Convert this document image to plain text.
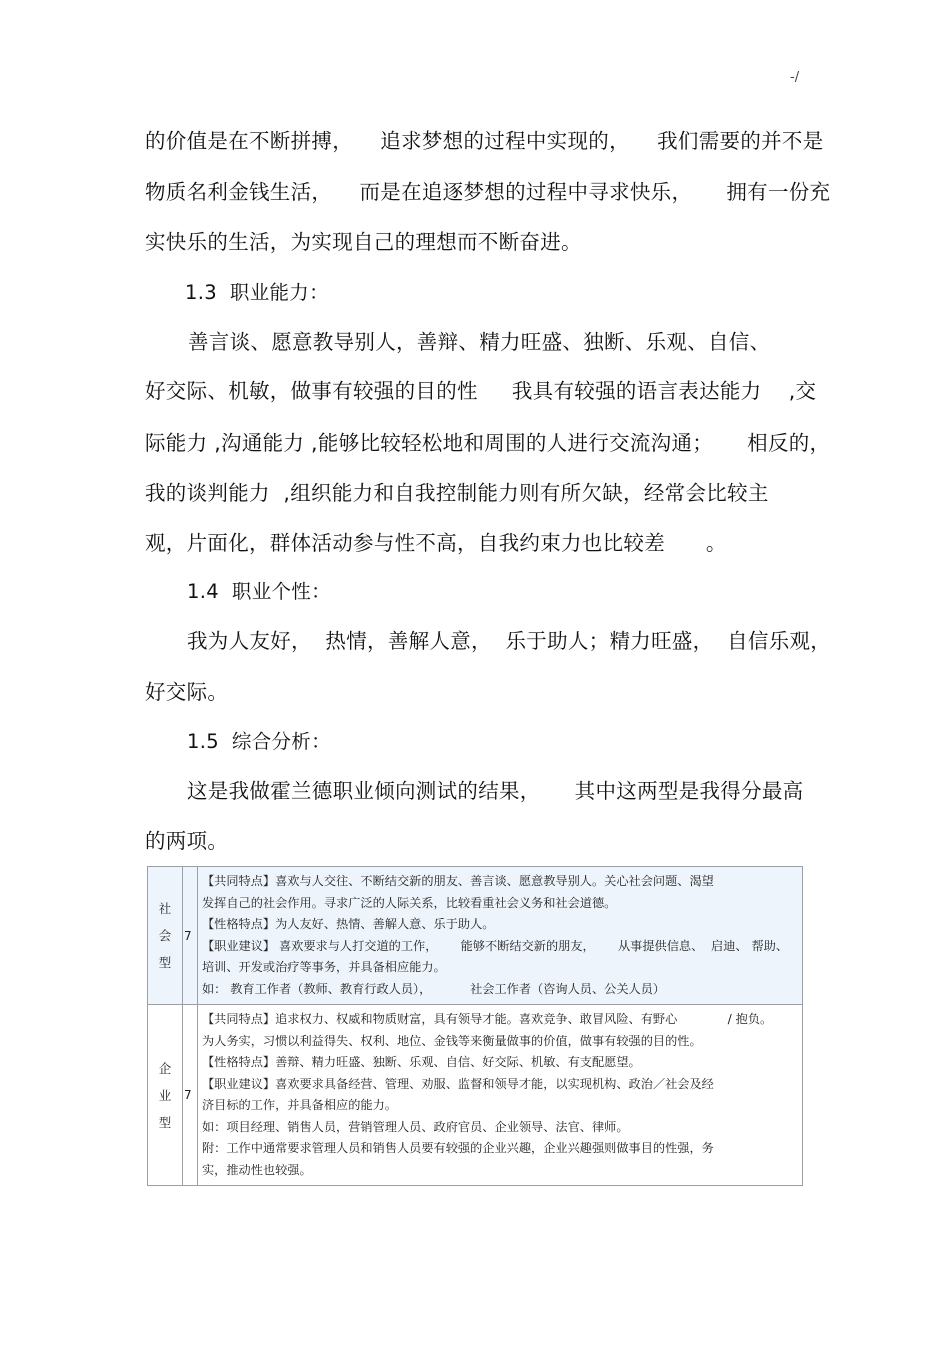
-/
的价值是在不断拼搏，    追求梦想的过程中实现的，    我们需要的并不是
物质名利金钱生活，    而是在追逐梦想的过程中寻求快乐，     拥有一份充
实快乐的生活，为实现自己的理想而不断奋进。
1.3  职业能力：
善言谈、愿意教导别人，善辩、精力旺盛、独断、乐观、自信、
好交际、机敏，做事有较强的目的性     我具有较强的语言表达能力    ,交
际能力 ,沟通能力 ,能够比较轻松地和周围的人进行交流沟通；     相反的，
我的谈判能力  ,组织能力和自我控制能力则有所欠缺，经常会比较主
观，片面化，群体活动参与性不高，自我约束力也比较差      。
1.4  职业个性：
我为人友好，  热情，善解人意，  乐于助人；精力旺盛，  自信乐观，
好交际。
1.5  综合分析：
这是我做霍兰德职业倾向测试的结果，     其中这两型是我得分最高
的两项。
社会型
7
【共同特点】喜欢与人交往、不断结交新的朋友、善言谈、愿意教导别人。关心社会问题、渴望
发挥自己的社会作用。寻求广泛的人际关系，比较看重社会义务和社会道德。
【性格特点】为人友好、热情、善解人意、乐于助人。
【职业建议】 喜欢要求与人打交道的工作，      能够不断结交新的朋友，      从事提供信息、  启迪、 帮助、
培训、开发或治疗等事务，并具备相应能力。
如： 教育工作者（教师、教育行政人员），          社会工作者（咨询人员、公关人员）
企业型
7
【共同特点】追求权力、权威和物质财富，具有领导才能。喜欢竞争、敢冒风险、有野心             / 抱负。
为人务实，习惯以利益得失、权利、地位、金钱等来衡量做事的价值，做事有较强的目的性。
【性格特点】善辩、精力旺盛、独断、乐观、自信、好交际、机敏、有支配愿望。
【职业建议】喜欢要求具备经营、管理、劝服、监督和领导才能，以实现机构、政治／社会及经
济目标的工作，并具备相应的能力。
如：项目经理、销售人员，营销管理人员、政府官员、企业领导、法官、律师。
附：工作中通常要求管理人员和销售人员要有较强的企业兴趣，企业兴趣强则做事目的性强，务
实，推动性也较强。
